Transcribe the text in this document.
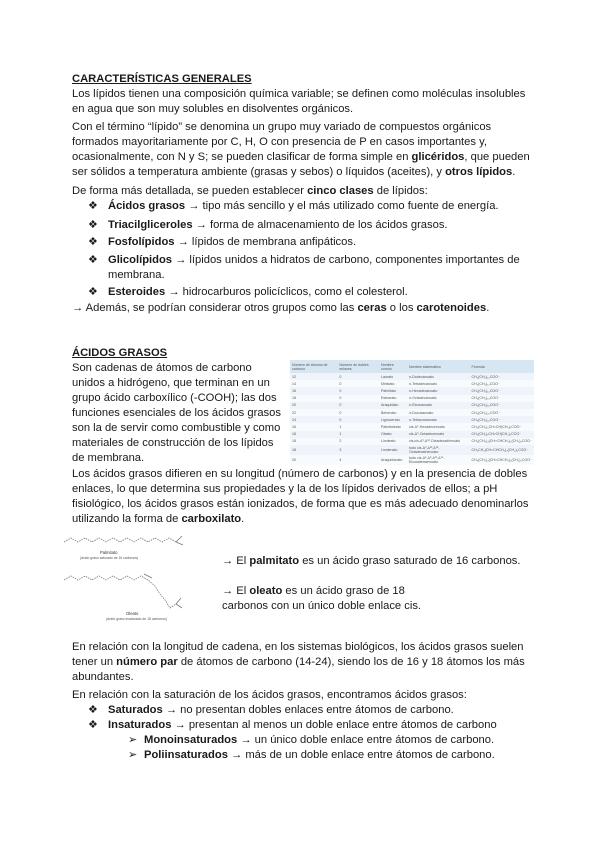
CARACTERÍSTICAS GENERALES

Los lípidos tienen una composición química variable; se definen como moléculas insolubles en agua que son muy solubles en disolventes orgánicos.

Con el término “lípido” se denomina un grupo muy variado de compuestos orgánicos formados mayoritariamente por C, H, O con presencia de P en casos importantes y, ocasionalmente, con N y S; se pueden clasificar de forma simple en glicéridos, que pueden ser sólidos a temperatura ambiente (grasas y sebos) o líquidos (aceites), y otros lípidos.

De forma más detallada, se pueden establecer cinco clases de lípidos:

❖ Ácidos grasos → tipo más sencillo y el más utilizado como fuente de energía.
❖ Triacilgliceroles → forma de almacenamiento de los ácidos grasos.
❖ Fosfolípidos → lípidos de membrana anfipáticos.
❖ Glicolípidos → lípidos unidos a hidratos de carbono, componentes importantes de membrana.
❖ Esteroides → hidrocarburos policíclicos, como el colesterol.

→ Además, se podrían considerar otros grupos como las ceras o los carotenoides.

ÁCIDOS GRASOS

Son cadenas de átomos de carbono unidos a hidrógeno, que terminan en un grupo ácido carboxílico (-COOH); las dos funciones esenciales de los ácidos grasos son la de servir como combustible y como materiales de construcción de los lípidos de membrana.

Número de átomos de carbono	Número de dobles enlaces	Nombre común	Nombre sistemático	Fórmula
12	0	Laurato	n-Dodecanoato	CH₃(CH₂)₁₀COO⁻
14	0	Miristato	n-Tetradecanoato	CH₃(CH₂)₁₂COO⁻
16	0	Palmitato	n-Hexadecanoato	CH₃(CH₂)₁₄COO⁻
18	0	Estearato	n-Octadecanoato	CH₃(CH₂)₁₆COO⁻
20	0	Araquidato	n-Eicosanoato	CH₃(CH₂)₁₈COO⁻
22	0	Behenato	n-Docosanoato	CH₃(CH₂)₂₀COO⁻
24	0	Lignocerato	n-Tetracosanoato	CH₃(CH₂)₂₂COO⁻
16	1	Palmitoleato	cis-Δ⁹-Hexadecenoato	CH₃(CH₂)₅CH=CH(CH₂)₇COO⁻
18	1	Oleato	cis-Δ⁹-Octadecenoato	CH₃(CH₂)₇CH=CH(CH₂)₇COO⁻
18	2	Linoleato	cis,cis-Δ⁹,Δ¹²-Octadecadienoato	CH₃(CH₂)₄(CH=CHCH₂)₂(CH₂)₆COO⁻
18	3	Linolenato	todo cis-Δ⁹,Δ¹²,Δ¹⁵-Octadecatrienoato	CH₃CH₂(CH=CHCH₂)₃(CH₂)₆COO⁻
20	4	Araquidonato	todo cis-Δ⁵,Δ⁸,Δ¹¹,Δ¹⁴-Eicosatetraenoato	CH₃(CH₂)₄(CH=CHCH₂)₄(CH₂)₂COO⁻

Los ácidos grasos difieren en su longitud (número de carbonos) y en la presencia de dobles enlaces, lo que determina sus propiedades y la de los lípidos derivados de ellos; a pH fisiológico, los ácidos grasos están ionizados, de forma que es más adecuado denominarlos utilizando la forma de carboxilato.

Palmitato
(ácido graso saturado de 16 carbonos)
Oleato
(ácido graso insaturado de 18 carbonos)

→ El palmitato es un ácido graso saturado de 16 carbonos.

→ El oleato es un ácido graso de 18 carbonos con un único doble enlace cis.

En relación con la longitud de cadena, en los sistemas biológicos, los ácidos grasos suelen tener un número par de átomos de carbono (14-24), siendo los de 16 y 18 átomos los más abundantes.

En relación con la saturación de los ácidos grasos, encontramos ácidos grasos:

❖ Saturados → no presentan dobles enlaces entre átomos de carbono.
❖ Insaturados → presentan al menos un doble enlace entre átomos de carbono
➢ Monoinsaturados → un único doble enlace entre átomos de carbono.
➢ Poliinsaturados → más de un doble enlace entre átomos de carbono.
